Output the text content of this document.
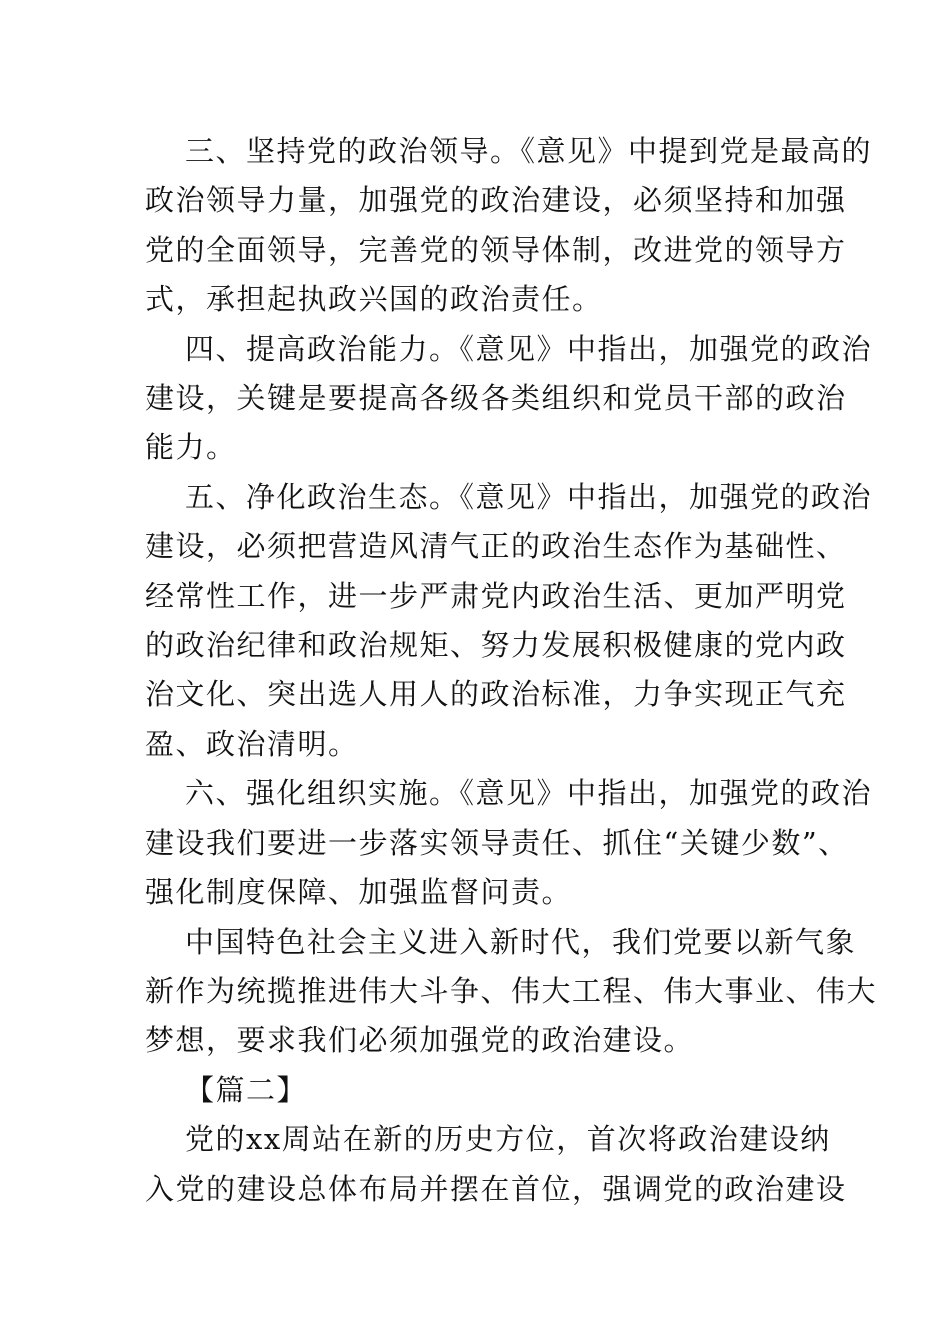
三、坚持党的政治领导。《意见》中提到党是最高的
政治领导力量，加强党的政治建设，必须坚持和加强
党的全面领导，完善党的领导体制，改进党的领导方
式，承担起执政兴国的政治责任。
四、提高政治能力。《意见》中指出，加强党的政治
建设，关键是要提高各级各类组织和党员干部的政治
能力。
五、净化政治生态。《意见》中指出，加强党的政治
建设，必须把营造风清气正的政治生态作为基础性、
经常性工作，进一步严肃党内政治生活、更加严明党
的政治纪律和政治规矩、努力发展积极健康的党内政
治文化、突出选人用人的政治标准，力争实现正气充
盈、政治清明。
六、强化组织实施。《意见》中指出，加强党的政治
建设我们要进一步落实领导责任、抓住“关键少数”、
强化制度保障、加强监督问责。
中国特色社会主义进入新时代，我们党要以新气象
新作为统揽推进伟大斗争、伟大工程、伟大事业、伟大
梦想，要求我们必须加强党的政治建设。
【篇二】
党的xx周站在新的历史方位，首次将政治建设纳
入党的建设总体布局并摆在首位，强调党的政治建设
